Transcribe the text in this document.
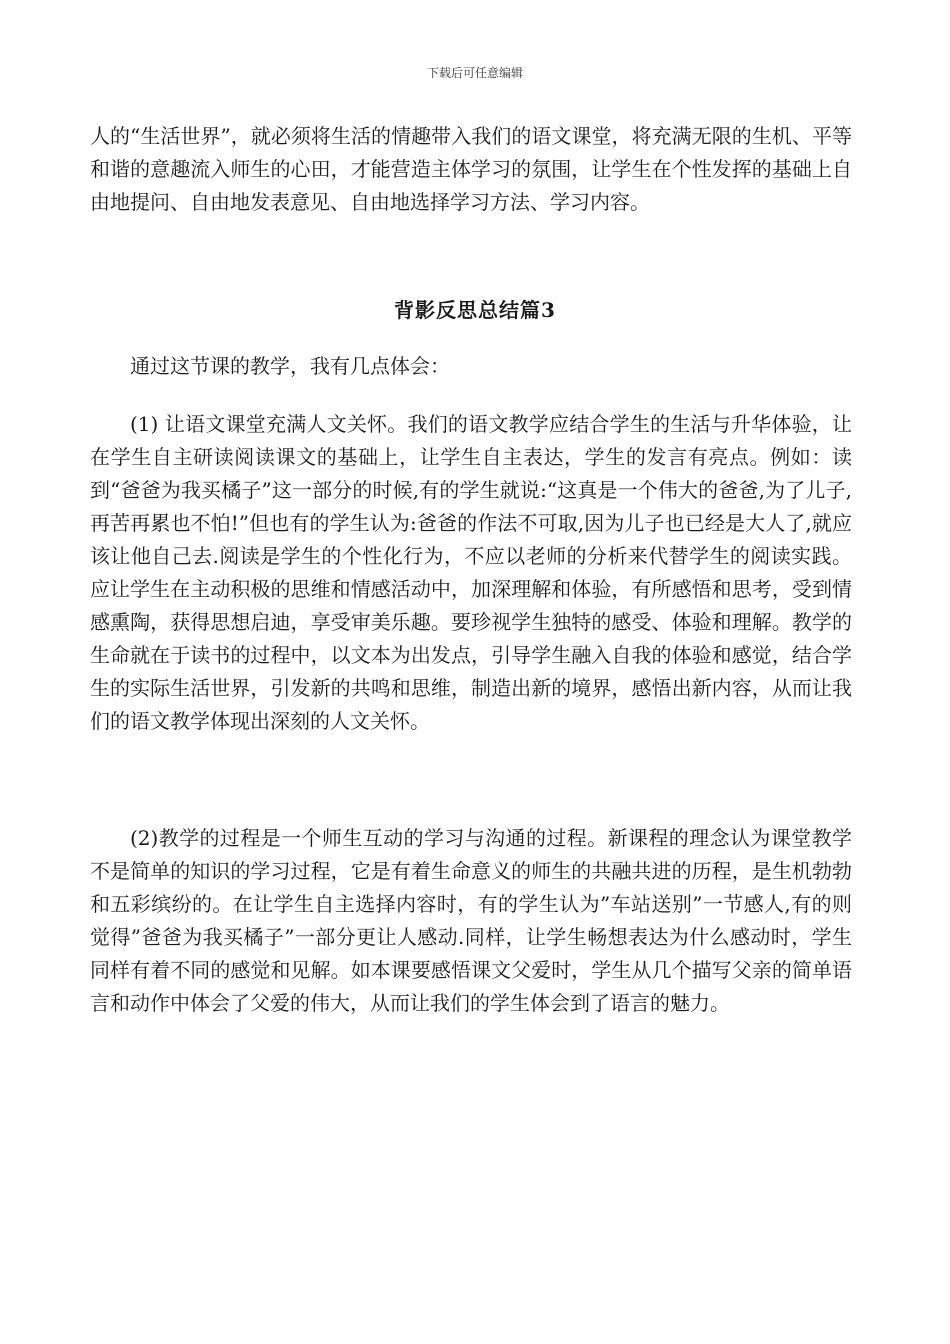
下载后可任意编辑

人的“生活世界”，就必须将生活的情趣带入我们的语文课堂，将充满无限的生机、平等和谐的意趣流入师生的心田，才能营造主体学习的氛围，让学生在个性发挥的基础上自由地提问、自由地发表意见、自由地选择学习方法、学习内容。

背影反思总结篇3

通过这节课的教学，我有几点体会：

(1) 让语文课堂充满人文关怀。我们的语文教学应结合学生的生活与升华体验，让在学生自主研读阅读课文的基础上，让学生自主表达，学生的发言有亮点。例如：读到“爸爸为我买橘子”这一部分的时候,有的学生就说:“这真是一个伟大的爸爸,为了儿子,再苦再累也不怕!”但也有的学生认为:爸爸的作法不可取,因为儿子也已经是大人了,就应该让他自己去.阅读是学生的个性化行为，不应以老师的分析来代替学生的阅读实践。应让学生在主动积极的思维和情感活动中，加深理解和体验，有所感悟和思考，受到情感熏陶，获得思想启迪，享受审美乐趣。要珍视学生独特的感受、体验和理解。教学的生命就在于读书的过程中，以文本为出发点，引导学生融入自我的体验和感觉，结合学生的实际生活世界，引发新的共鸣和思维，制造出新的境界，感悟出新内容，从而让我们的语文教学体现出深刻的人文关怀。

(2)教学的过程是一个师生互动的学习与沟通的过程。新课程的理念认为课堂教学不是简单的知识的学习过程，它是有着生命意义的师生的共融共进的历程，是生机勃勃和五彩缤纷的。在让学生自主选择内容时，有的学生认为”车站送别”一节感人,有的则觉得”爸爸为我买橘子”一部分更让人感动.同样，让学生畅想表达为什么感动时，学生同样有着不同的感觉和见解。如本课要感悟课文父爱时，学生从几个描写父亲的简单语言和动作中体会了父爱的伟大，从而让我们的学生体会到了语言的魅力。
